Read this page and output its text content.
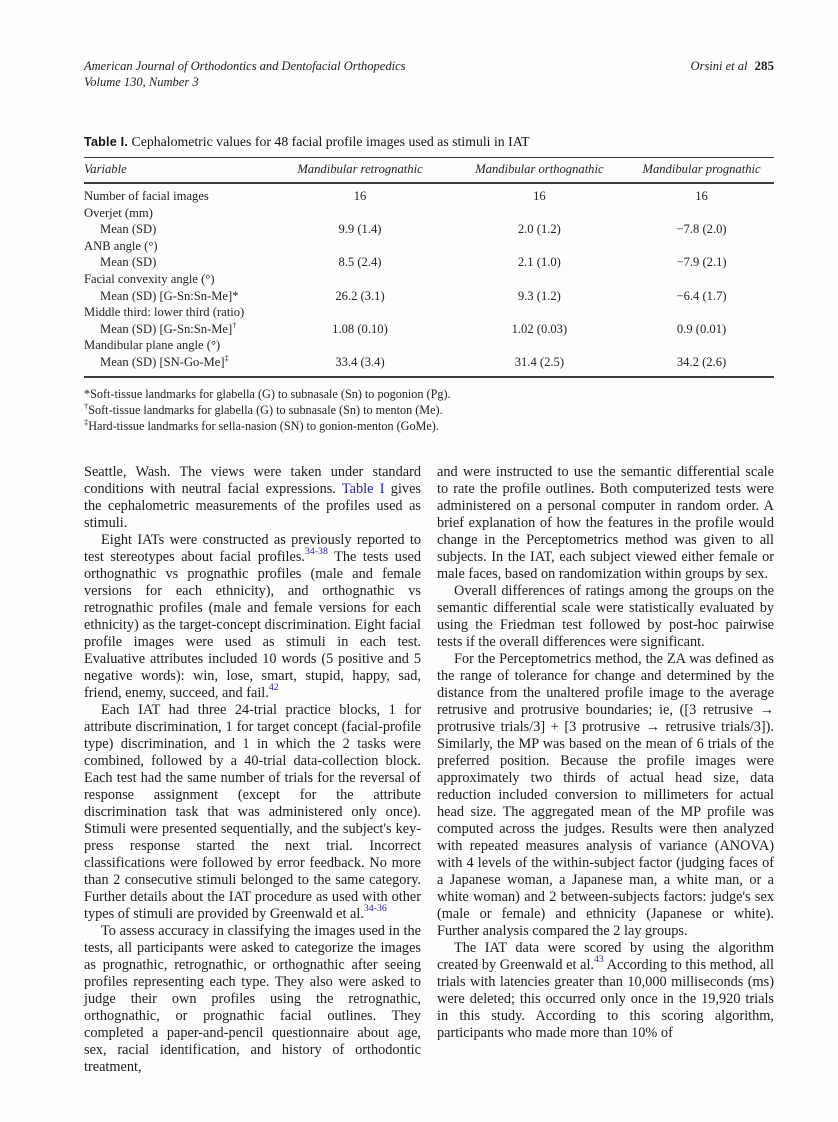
American Journal of Orthodontics and Dentofacial Orthopedics
Volume 130, Number 3
Orsini et al 285
Table I. Cephalometric values for 48 facial profile images used as stimuli in IAT
Variable	Mandibular retrognathic	Mandibular orthognathic	Mandibular prognathic
Number of facial images	16	16	16
Overjet (mm)			
Mean (SD)	9.9 (1.4)	2.0 (1.2)	−7.8 (2.0)
ANB angle (°)			
Mean (SD)	8.5 (2.4)	2.1 (1.0)	−7.9 (2.1)
Facial convexity angle (°)			
Mean (SD) [G-Sn:Sn-Me]*	26.2 (3.1)	9.3 (1.2)	−6.4 (1.7)
Middle third: lower third (ratio)			
Mean (SD) [G-Sn:Sn-Me]†	1.08 (0.10)	1.02 (0.03)	0.9 (0.01)
Mandibular plane angle (°)			
Mean (SD) [SN-Go-Me]‡	33.4 (3.4)	31.4 (2.5)	34.2 (2.6)
*Soft-tissue landmarks for glabella (G) to subnasale (Sn) to pogonion (Pg).
†Soft-tissue landmarks for glabella (G) to subnasale (Sn) to menton (Me).
‡Hard-tissue landmarks for sella-nasion (SN) to gonion-menton (GoMe).

Seattle, Wash. The views were taken under standard conditions with neutral facial expressions. Table I gives the cephalometric measurements of the profiles used as stimuli.

Eight IATs were constructed as previously reported to test stereotypes about facial profiles.$^{34-38}$ The tests used orthognathic vs prognathic profiles (male and female versions for each ethnicity), and orthognathic vs retrognathic profiles (male and female versions for each ethnicity) as the target-concept discrimination. Eight facial profile images were used as stimuli in each test. Evaluative attributes included 10 words (5 positive and 5 negative words): win, lose, smart, stupid, happy, sad, friend, enemy, succeed, and fail.$^{42}$

Each IAT had three 24-trial practice blocks, 1 for attribute discrimination, 1 for target concept (facial-profile type) discrimination, and 1 in which the 2 tasks were combined, followed by a 40-trial data-collection block. Each test had the same number of trials for the reversal of response assignment (except for the attribute discrimination task that was administered only once). Stimuli were presented sequentially, and the subject's key-press response started the next trial. Incorrect classifications were followed by error feedback. No more than 2 consecutive stimuli belonged to the same category. Further details about the IAT procedure as used with other types of stimuli are provided by Greenwald et al.$^{34-36}$

To assess accuracy in classifying the images used in the tests, all participants were asked to categorize the images as prognathic, retrognathic, or orthognathic after seeing profiles representing each type. They also were asked to judge their own profiles using the retrognathic, orthognathic, or prognathic facial outlines. They completed a paper-and-pencil questionnaire about age, sex, racial identification, and history of orthodontic treatment,

and were instructed to use the semantic differential scale to rate the profile outlines. Both computerized tests were administered on a personal computer in random order. A brief explanation of how the features in the profile would change in the Perceptometrics method was given to all subjects. In the IAT, each subject viewed either female or male faces, based on randomization within groups by sex.

Overall differences of ratings among the groups on the semantic differential scale were statistically evaluated by using the Friedman test followed by post-hoc pairwise tests if the overall differences were significant.

For the Perceptometrics method, the ZA was defined as the range of tolerance for change and determined by the distance from the unaltered profile image to the average retrusive and protrusive boundaries; ie, ([3 retrusive → protrusive trials/3] + [3 protrusive → retrusive trials/3]). Similarly, the MP was based on the mean of 6 trials of the preferred position. Because the profile images were approximately two thirds of actual head size, data reduction included conversion to millimeters for actual head size. The aggregated mean of the MP profile was computed across the judges. Results were then analyzed with repeated measures analysis of variance (ANOVA) with 4 levels of the within-subject factor (judging faces of a Japanese woman, a Japanese man, a white man, or a white woman) and 2 between-subjects factors: judge's sex (male or female) and ethnicity (Japanese or white). Further analysis compared the 2 lay groups.

The IAT data were scored by using the algorithm created by Greenwald et al.$^{43}$ According to this method, all trials with latencies greater than 10,000 milliseconds (ms) were deleted; this occurred only once in the 19,920 trials in this study. According to this scoring algorithm, participants who made more than 10% of
